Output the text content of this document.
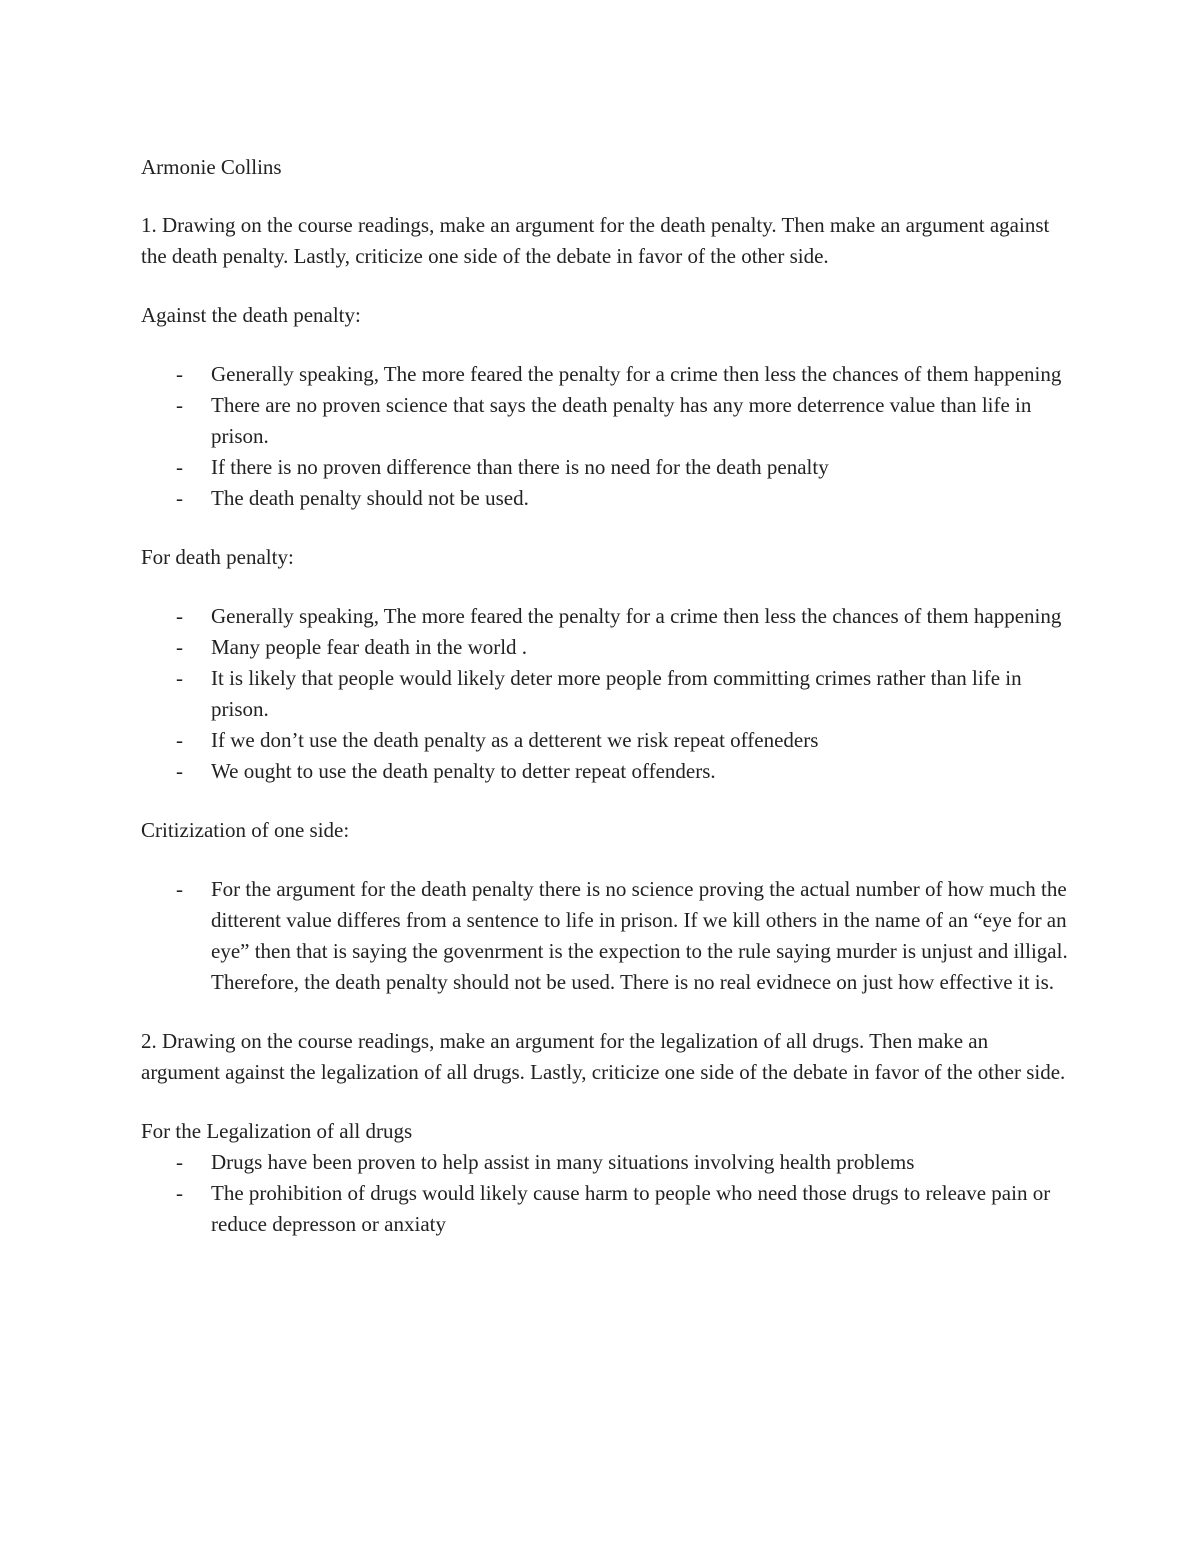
Armonie Collins

1. Drawing on the course readings, make an argument for the death penalty. Then make an argument against the death penalty. Lastly, criticize one side of the debate in favor of the other side.

Against the death penalty:

- Generally speaking, The more feared the penalty for a crime then less the chances of them happening
- There are no proven science that says the death penalty has any more deterrence value than life in prison.
- If there is no proven difference than there is no need for the death penalty
- The death penalty should not be used.

For death penalty:

- Generally speaking, The more feared the penalty for a crime then less the chances of them happening
- Many people fear death in the world .
- It is likely that people would likely deter more people from committing crimes rather than life in prison.
- If we don’t use the death penalty as a detterent we risk repeat offeneders
- We ought to use the death penalty to detter repeat offenders.

Critizization of one side:

- For the argument for the death penalty there is no science proving the actual number of how much the ditterent value differes from a sentence to life in prison. If we kill others in the name of an “eye for an eye” then that is saying the govenrment is the expection to the rule saying murder is unjust and illigal. Therefore, the death penalty should not be used. There is no real evidnece on just how effective it is.

2. Drawing on the course readings, make an argument for the legalization of all drugs. Then make an argument against the legalization of all drugs. Lastly, criticize one side of the debate in favor of the other side.

For the Legalization of all drugs

- Drugs have been proven to help assist in many situations involving health problems
- The prohibition of drugs would likely cause harm to people who need those drugs to releave pain or reduce depresson or anxiaty
